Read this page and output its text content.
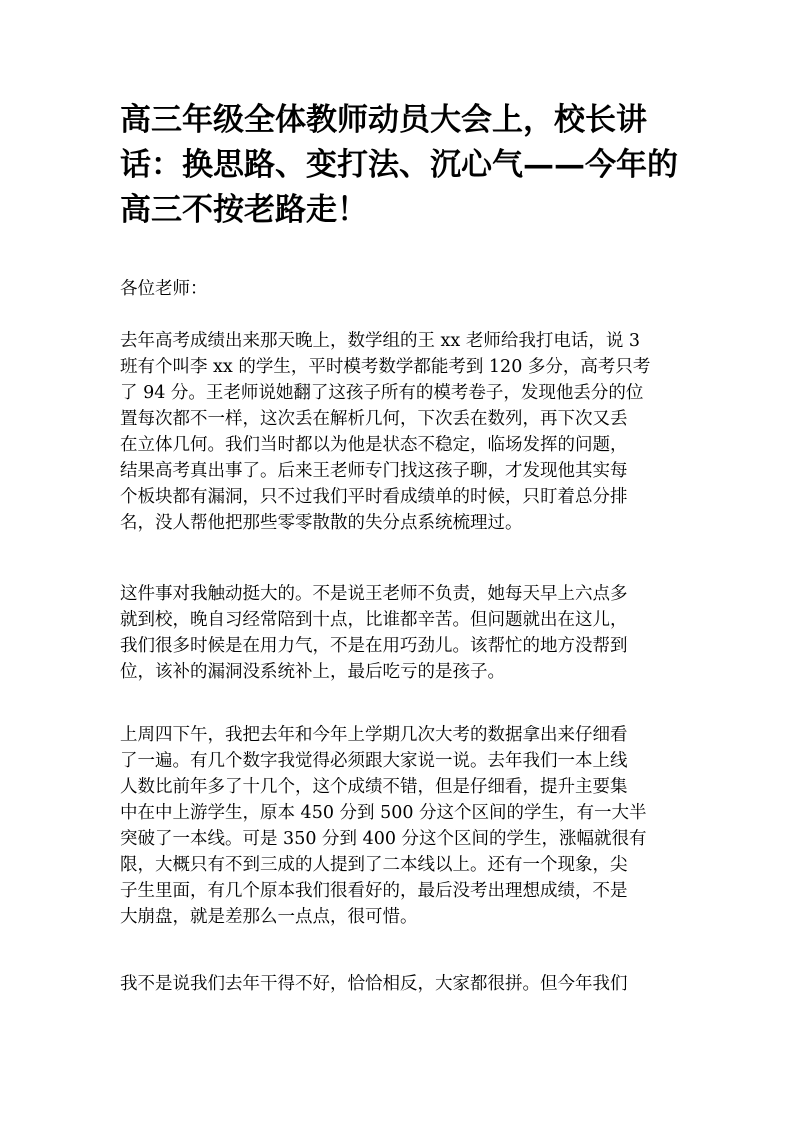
高三年级全体教师动员大会上，校长讲
话：换思路、变打法、沉心气——今年的
高三不按老路走！
各位老师：
去年高考成绩出来那天晚上，数学组的王 xx 老师给我打电话，说 3
班有个叫李 xx 的学生，平时模考数学都能考到 120 多分，高考只考
了 94 分。王老师说她翻了这孩子所有的模考卷子，发现他丢分的位
置每次都不一样，这次丢在解析几何，下次丢在数列，再下次又丢
在立体几何。我们当时都以为他是状态不稳定，临场发挥的问题，
结果高考真出事了。后来王老师专门找这孩子聊，才发现他其实每
个板块都有漏洞，只不过我们平时看成绩单的时候，只盯着总分排
名，没人帮他把那些零零散散的失分点系统梳理过。
这件事对我触动挺大的。不是说王老师不负责，她每天早上六点多
就到校，晚自习经常陪到十点，比谁都辛苦。但问题就出在这儿，
我们很多时候是在用力气，不是在用巧劲儿。该帮忙的地方没帮到
位，该补的漏洞没系统补上，最后吃亏的是孩子。
上周四下午，我把去年和今年上学期几次大考的数据拿出来仔细看
了一遍。有几个数字我觉得必须跟大家说一说。去年我们一本上线
人数比前年多了十几个，这个成绩不错，但是仔细看，提升主要集
中在中上游学生，原本 450 分到 500 分这个区间的学生，有一大半
突破了一本线。可是 350 分到 400 分这个区间的学生，涨幅就很有
限，大概只有不到三成的人提到了二本线以上。还有一个现象，尖
子生里面，有几个原本我们很看好的，最后没考出理想成绩，不是
大崩盘，就是差那么一点点，很可惜。
我不是说我们去年干得不好，恰恰相反，大家都很拼。但今年我们
